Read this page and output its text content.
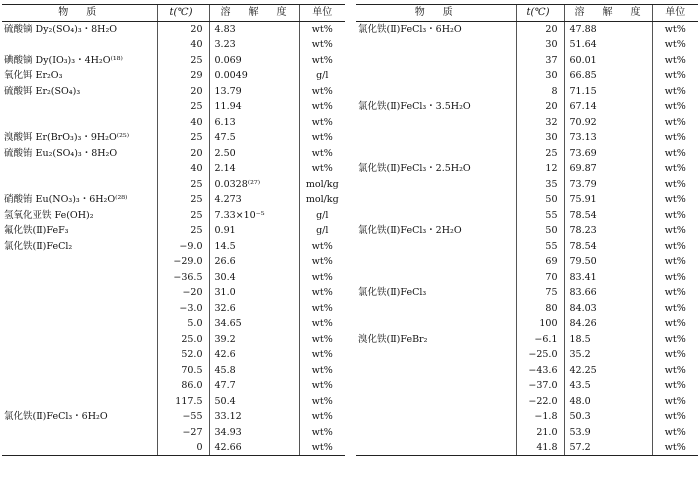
物　质	t(℃)	溶　解　度	单位
硫酸镝 Dy₂(SO₄)₃・8H₂O	20	4.83	wt%
	40	3.23	wt%
碘酸镝 Dy(IO₃)₃・4H₂O⁽¹⁸⁾	25	0.069	wt%
氧化铒 Er₂O₃	29	0.0049	g/l
硫酸铒 Er₂(SO₄)₃	20	13.79	wt%
	25	11.94	wt%
	40	6.13	wt%
溴酸铒 Er(BrO₃)₃・9H₂O⁽²⁵⁾	25	47.5	wt%
硫酸铕 Eu₂(SO₄)₃・8H₂O	20	2.50	wt%
	40	2.14	wt%
	25	0.0328⁽²⁷⁾	mol/kg
硝酸铕 Eu(NO₃)₃・6H₂O⁽²⁸⁾	25	4.273	mol/kg
氢氧化亚铁 Fe(OH)₂	25	7.33×10⁻⁵	g/l
氟化铁(Ⅱ)FeF₃	25	0.91	g/l
氯化铁(Ⅱ)FeCl₂	−9.0	14.5	wt%
	−29.0	26.6	wt%
	−36.5	30.4	wt%
	−20	31.0	wt%
	−3.0	32.6	wt%
	5.0	34.65	wt%
	25.0	39.2	wt%
	52.0	42.6	wt%
	70.5	45.8	wt%
	86.0	47.7	wt%
	117.5	50.4	wt%
氯化铁(Ⅱ)FeCl₃・6H₂O	−55	33.12	wt%
	−27	34.93	wt%
	0	42.66	wt%
物　质	t(℃)	溶　解　度	单位
氯化铁(Ⅱ)FeCl₃・6H₂O	20	47.88	wt%
	30	51.64	wt%
	37	60.01	wt%
	30	66.85	wt%
	8	71.15	wt%
氯化铁(Ⅱ)FeCl₃・3.5H₂O	20	67.14	wt%
	32	70.92	wt%
	30	73.13	wt%
	25	73.69	wt%
氯化铁(Ⅱ)FeCl₃・2.5H₂O	12	69.87	wt%
	35	73.79	wt%
	50	75.91	wt%
	55	78.54	wt%
氯化铁(Ⅱ)FeCl₃・2H₂O	50	78.23	wt%
	55	78.54	wt%
	69	79.50	wt%
	70	83.41	wt%
氯化铁(Ⅱ)FeCl₃	75	83.66	wt%
	80	84.03	wt%
	100	84.26	wt%
溴化铁(Ⅱ)FeBr₂	−6.1	18.5	wt%
	−25.0	35.2	wt%
	−43.6	42.25	wt%
	−37.0	43.5	wt%
	−22.0	48.0	wt%
	−1.8	50.3	wt%
	21.0	53.9	wt%
	41.8	57.2	wt%
